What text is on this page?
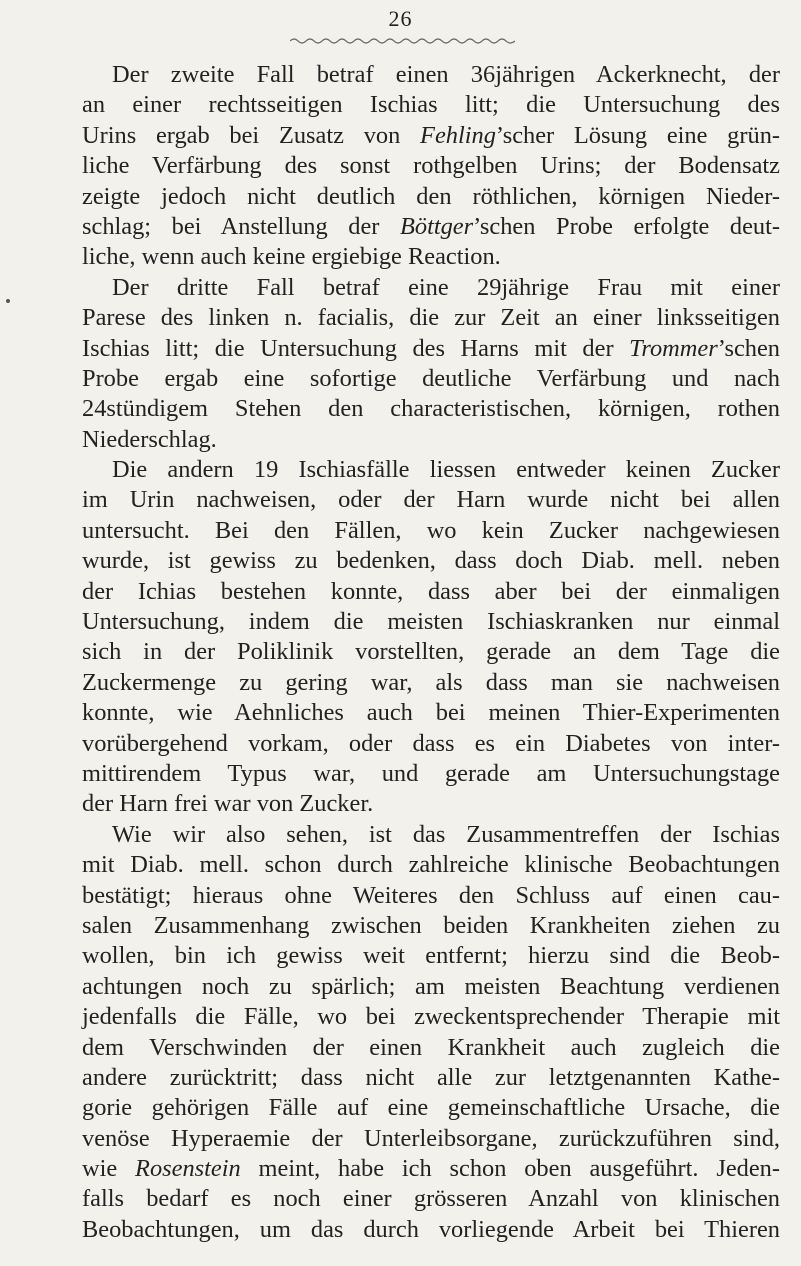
26
Der zweite Fall betraf einen 36jährigen Ackerknecht, der
an einer rechtsseitigen Ischias litt; die Untersuchung des
Urins ergab bei Zusatz von Fehling’scher Lösung eine grün-
liche Verfärbung des sonst rothgelben Urins; der Bodensatz
zeigte jedoch nicht deutlich den röthlichen, körnigen Nieder-
schlag; bei Anstellung der Böttger’schen Probe erfolgte deut-
liche, wenn auch keine ergiebige Reaction.
Der dritte Fall betraf eine 29jährige Frau mit einer
Parese des linken n. facialis, die zur Zeit an einer linksseitigen
Ischias litt; die Untersuchung des Harns mit der Trommer’schen
Probe ergab eine sofortige deutliche Verfärbung und nach
24stündigem Stehen den characteristischen, körnigen, rothen
Niederschlag.
Die andern 19 Ischiasfälle liessen entweder keinen Zucker
im Urin nachweisen, oder der Harn wurde nicht bei allen
untersucht. Bei den Fällen, wo kein Zucker nachgewiesen
wurde, ist gewiss zu bedenken, dass doch Diab. mell. neben
der Ichias bestehen konnte, dass aber bei der einmaligen
Untersuchung, indem die meisten Ischiaskranken nur einmal
sich in der Poliklinik vorstellten, gerade an dem Tage die
Zuckermenge zu gering war, als dass man sie nachweisen
konnte, wie Aehnliches auch bei meinen Thier-Experimenten
vorübergehend vorkam, oder dass es ein Diabetes von inter-
mittirendem Typus war, und gerade am Untersuchungstage
der Harn frei war von Zucker.
Wie wir also sehen, ist das Zusammentreffen der Ischias
mit Diab. mell. schon durch zahlreiche klinische Beobachtungen
bestätigt; hieraus ohne Weiteres den Schluss auf einen cau-
salen Zusammenhang zwischen beiden Krankheiten ziehen zu
wollen, bin ich gewiss weit entfernt; hierzu sind die Beob-
achtungen noch zu spärlich; am meisten Beachtung verdienen
jedenfalls die Fälle, wo bei zweckentsprechender Therapie mit
dem Verschwinden der einen Krankheit auch zugleich die
andere zurücktritt; dass nicht alle zur letztgenannten Kathe-
gorie gehörigen Fälle auf eine gemeinschaftliche Ursache, die
venöse Hyperaemie der Unterleibsorgane, zurückzuführen sind,
wie Rosenstein meint, habe ich schon oben ausgeführt. Jeden-
falls bedarf es noch einer grösseren Anzahl von klinischen
Beobachtungen, um das durch vorliegende Arbeit bei Thieren
